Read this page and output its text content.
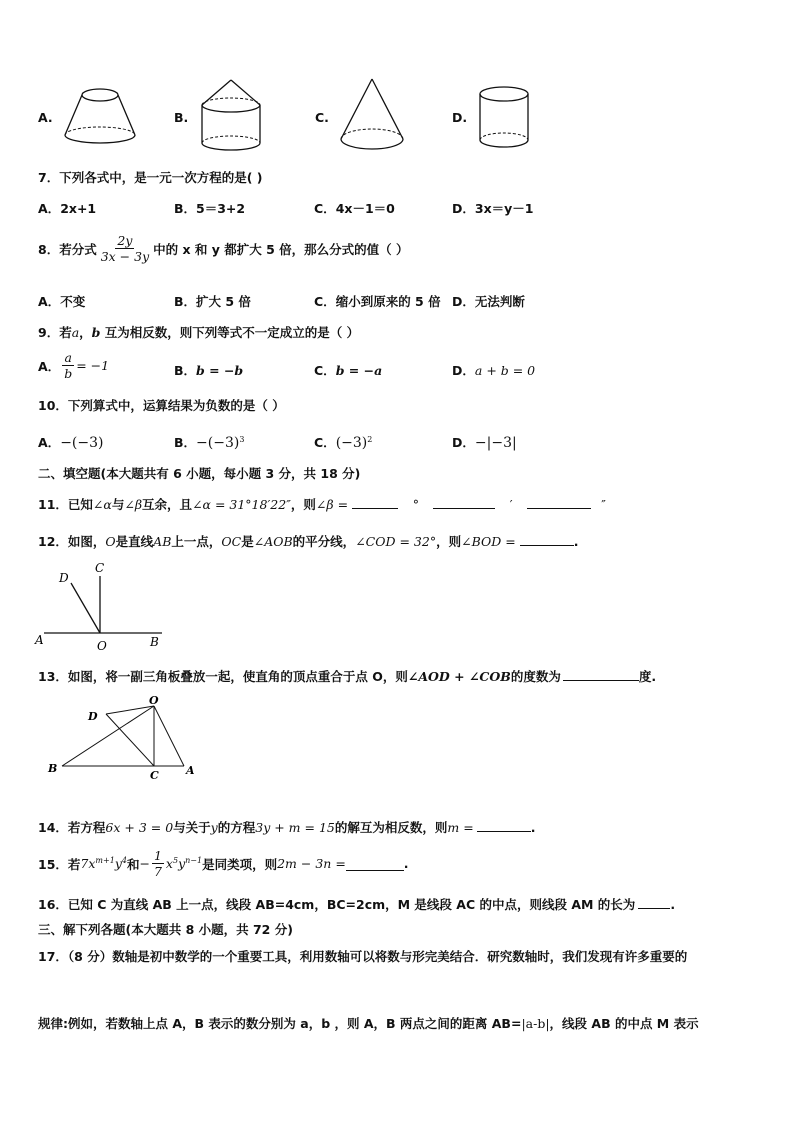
A.	B.	C.	D.
7．下列各式中，是一元一次方程的是( )
A．2x+1	B．5＝3+2	C．4x－1＝0	D．3x＝y－1
8．若分式 $\frac{2y}{3x - 3y}$ 中的 x 和 y 都扩大 5 倍，那么分式的值（ ）
A．不变	B．扩大 5 倍	C．缩小到原来的 5 倍 D．无法判断
9．若a，b 互为相反数，则下列等式不一定成立的是（ ）
A． $\frac{a}{b} = -1$	B．b = −b	C．b = −a	D．a + b = 0
10．下列算式中，运算结果为负数的是（ ）
A．−(−3)	B．$-(-3)^3$	C．$(-3)^2$	D．−|−3|
二、填空题(本大题共有 6 小题，每小题 3 分，共 18 分)
11．已知∠α与∠β互余，且∠α = 31°18′22″，则∠β =	°	′	″
12．如图，O是直线AB上一点，OC是∠AOB的平分线，∠COD = 32°，则∠BOD =	.
A	B
C
D
O
13．如图，将一副三角板叠放一起，使直角的顶点重合于点 O，则∠AOD + ∠COB的度数为	度.
O
D
B
C A
14．若方程6x + 3 = 0与关于y的方程3y + m = 15的解互为相反数，则m =	.
15．若 $7x^{m+1}y^4$ 和 − $\frac{1}{7} x^5y^{n-1}$ 是同类项，则 2m − 3n =	.
16．已知 C 为直线 AB 上一点，线段 AB=4cm，BC=2cm，M 是线段 AC 的中点，则线段 AM 的长为	.
三、解下列各题(本大题共 8 小题，共 72 分)
17．（8 分）数轴是初中数学的一个重要工具，利用数轴可以将数与形完美结合．研究数轴时，我们发现有许多重要的
规律:例如，若数轴上点 A，B 表示的数分别为 a，b ，则 A，B 两点之间的距离 AB=|a-b|，线段 AB 的中点 M 表示
